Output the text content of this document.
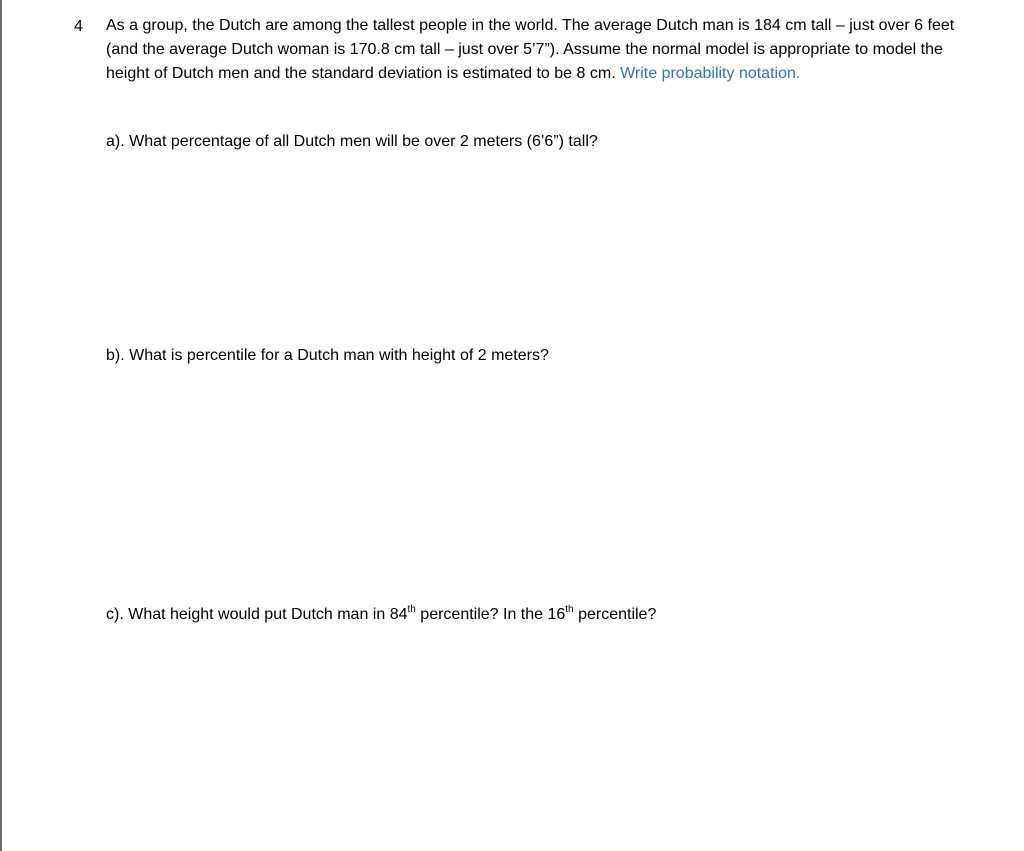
4 As a group, the Dutch are among the tallest people in the world. The average Dutch man is 184 cm tall – just over 6 feet (and the average Dutch woman is 170.8 cm tall – just over 5’7”). Assume the normal model is appropriate to model the height of Dutch men and the standard deviation is estimated to be 8 cm. Write probability notation.
a). What percentage of all Dutch men will be over 2 meters (6’6”) tall?
b). What is percentile for a Dutch man with height of 2 meters?
c). What height would put Dutch man in 84th percentile? In the 16th percentile?
